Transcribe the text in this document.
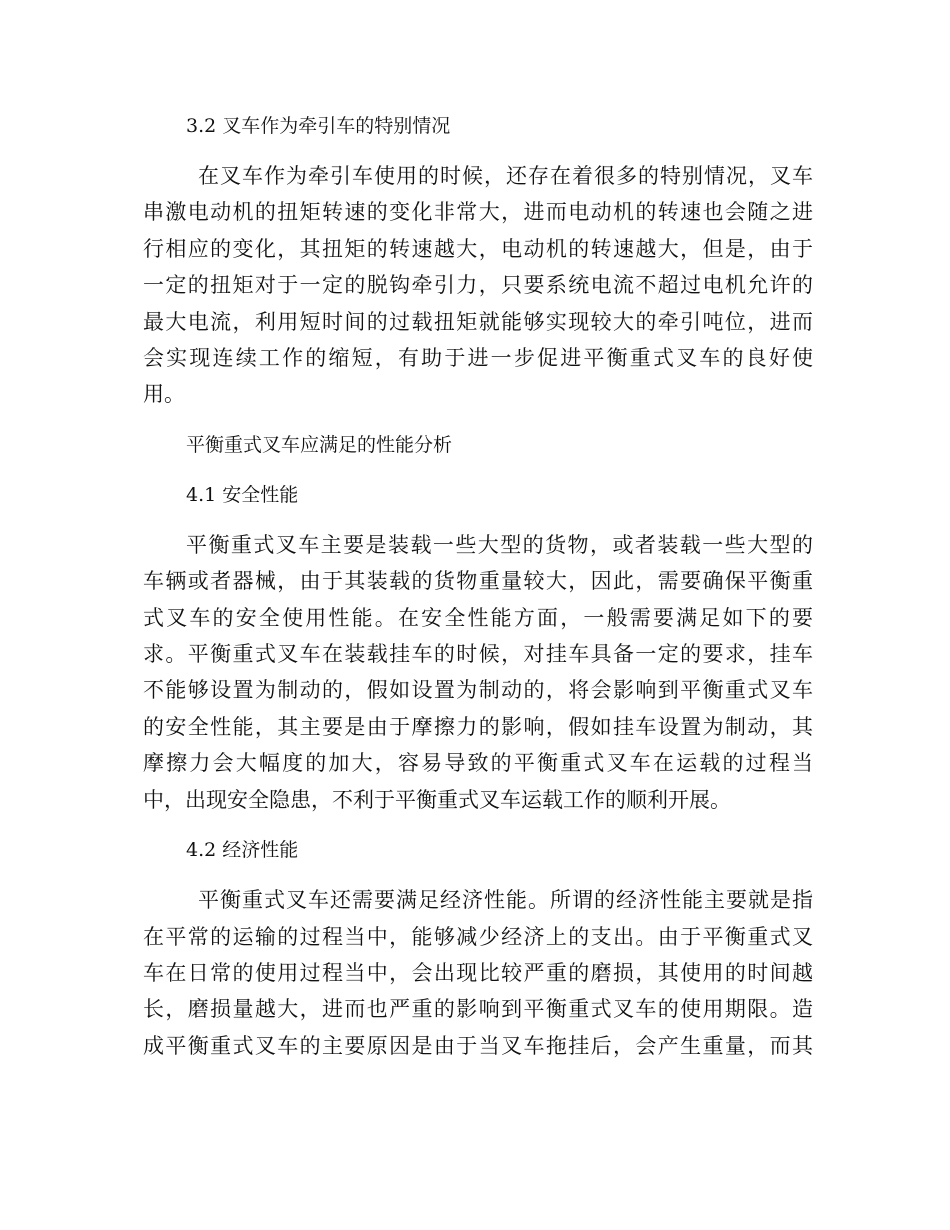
3.2 叉车作为牵引车的特别情况
在叉车作为牵引车使用的时候，还存在着很多的特别情况，叉车
串激电动机的扭矩转速的变化非常大，进而电动机的转速也会随之进
行相应的变化，其扭矩的转速越大，电动机的转速越大，但是，由于
一定的扭矩对于一定的脱钩牵引力，只要系统电流不超过电机允许的
最大电流，利用短时间的过载扭矩就能够实现较大的牵引吨位，进而
会实现连续工作的缩短，有助于进一步促进平衡重式叉车的良好使
用。
平衡重式叉车应满足的性能分析
4.1 安全性能
平衡重式叉车主要是装载一些大型的货物，或者装载一些大型的
车辆或者器械，由于其装载的货物重量较大，因此，需要确保平衡重
式叉车的安全使用性能。在安全性能方面，一般需要满足如下的要
求。平衡重式叉车在装载挂车的时候，对挂车具备一定的要求，挂车
不能够设置为制动的，假如设置为制动的，将会影响到平衡重式叉车
的安全性能，其主要是由于摩擦力的影响，假如挂车设置为制动，其
摩擦力会大幅度的加大，容易导致的平衡重式叉车在运载的过程当
中，出现安全隐患，不利于平衡重式叉车运载工作的顺利开展。
4.2 经济性能
平衡重式叉车还需要满足经济性能。所谓的经济性能主要就是指
在平常的运输的过程当中，能够减少经济上的支出。由于平衡重式叉
车在日常的使用过程当中，会出现比较严重的磨损，其使用的时间越
长，磨损量越大，进而也严重的影响到平衡重式叉车的使用期限。造
成平衡重式叉车的主要原因是由于当叉车拖挂后，会产生重量，而其
